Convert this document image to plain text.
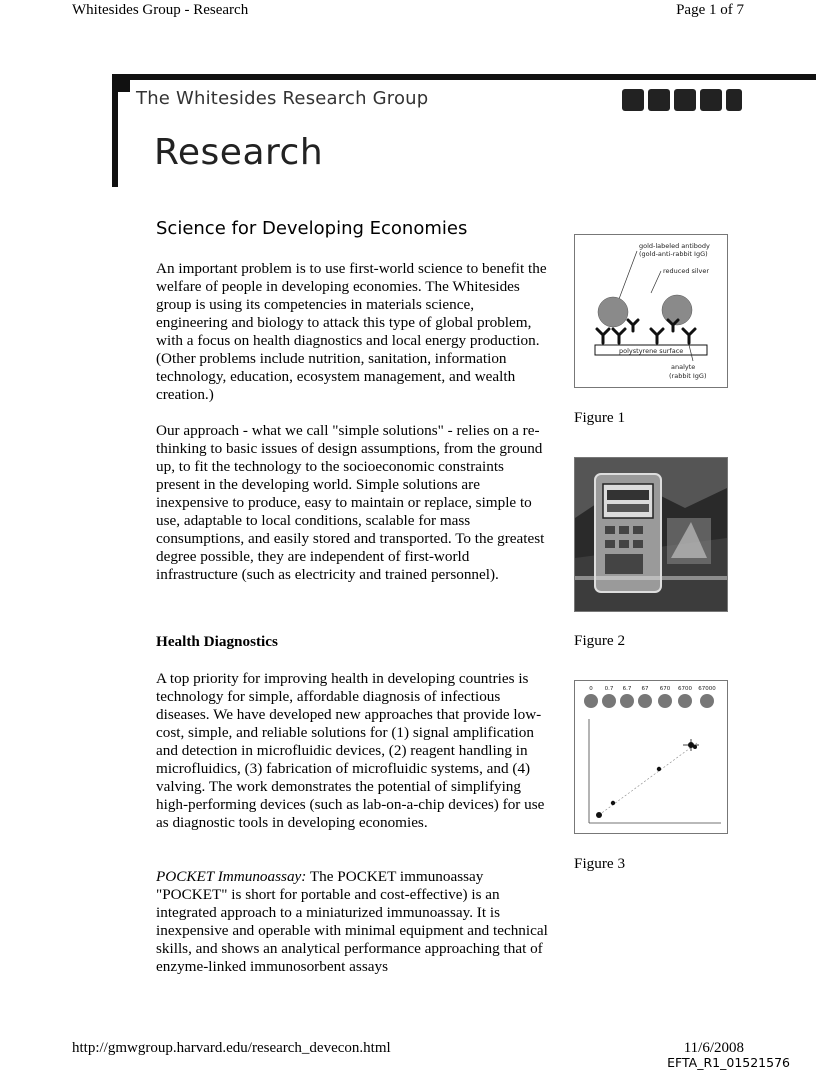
Whitesides Group - Research	Page 1 of 7
The Whitesides Research Group
Research
Science for Developing Economies

An important problem is to use first-world science to benefit the welfare of people in developing economies. The Whitesides group is using its competencies in materials science, engineering and biology to attack this type of global problem, with a focus on health diagnostics and local energy production. (Other problems include nutrition, sanitation, information technology, education, ecosystem management, and wealth creation.)

Our approach - what we call "simple solutions" - relies on a re-thinking to basic issues of design assumptions, from the ground up, to fit the technology to the socioeconomic constraints present in the developing world. Simple solutions are inexpensive to produce, easy to maintain or replace, simple to use, adaptable to local conditions, scalable for mass consumptions, and easily stored and transported. To the greatest degree possible, they are independent of first-world infrastructure (such as electricity and trained personnel).

Health Diagnostics

A top priority for improving health in developing countries is technology for simple, affordable diagnosis of infectious diseases. We have developed new approaches that provide low-cost, simple, and reliable solutions for (1) signal amplification and detection in microfluidic devices, (2) reagent handling in microfluidics, (3) fabrication of microfluidic systems, and (4) valving. The work demonstrates the potential of simplifying high-performing devices (such as lab-on-a-chip devices) for use as diagnostic tools in developing economies.

POCKET Immunoassay: The POCKET immunoassay "POCKET" is short for portable and cost-effective) is an integrated approach to a miniaturized immunoassay. It is inexpensive and operable with minimal equipment and technical skills, and shows an analytical performance approaching that of enzyme-linked immunosorbent assays

gold-labeled antibody
(gold-anti-rabbit IgG)
reduced silver
polystyrene surface
analyte
(rabbit IgG)
Figure 1
Figure 2
0 0.7 6.7 67 670 6700 67000
Figure 3
http://gmwgroup.harvard.edu/research_devecon.html	11/6/2008
EFTA_R1_01521576
